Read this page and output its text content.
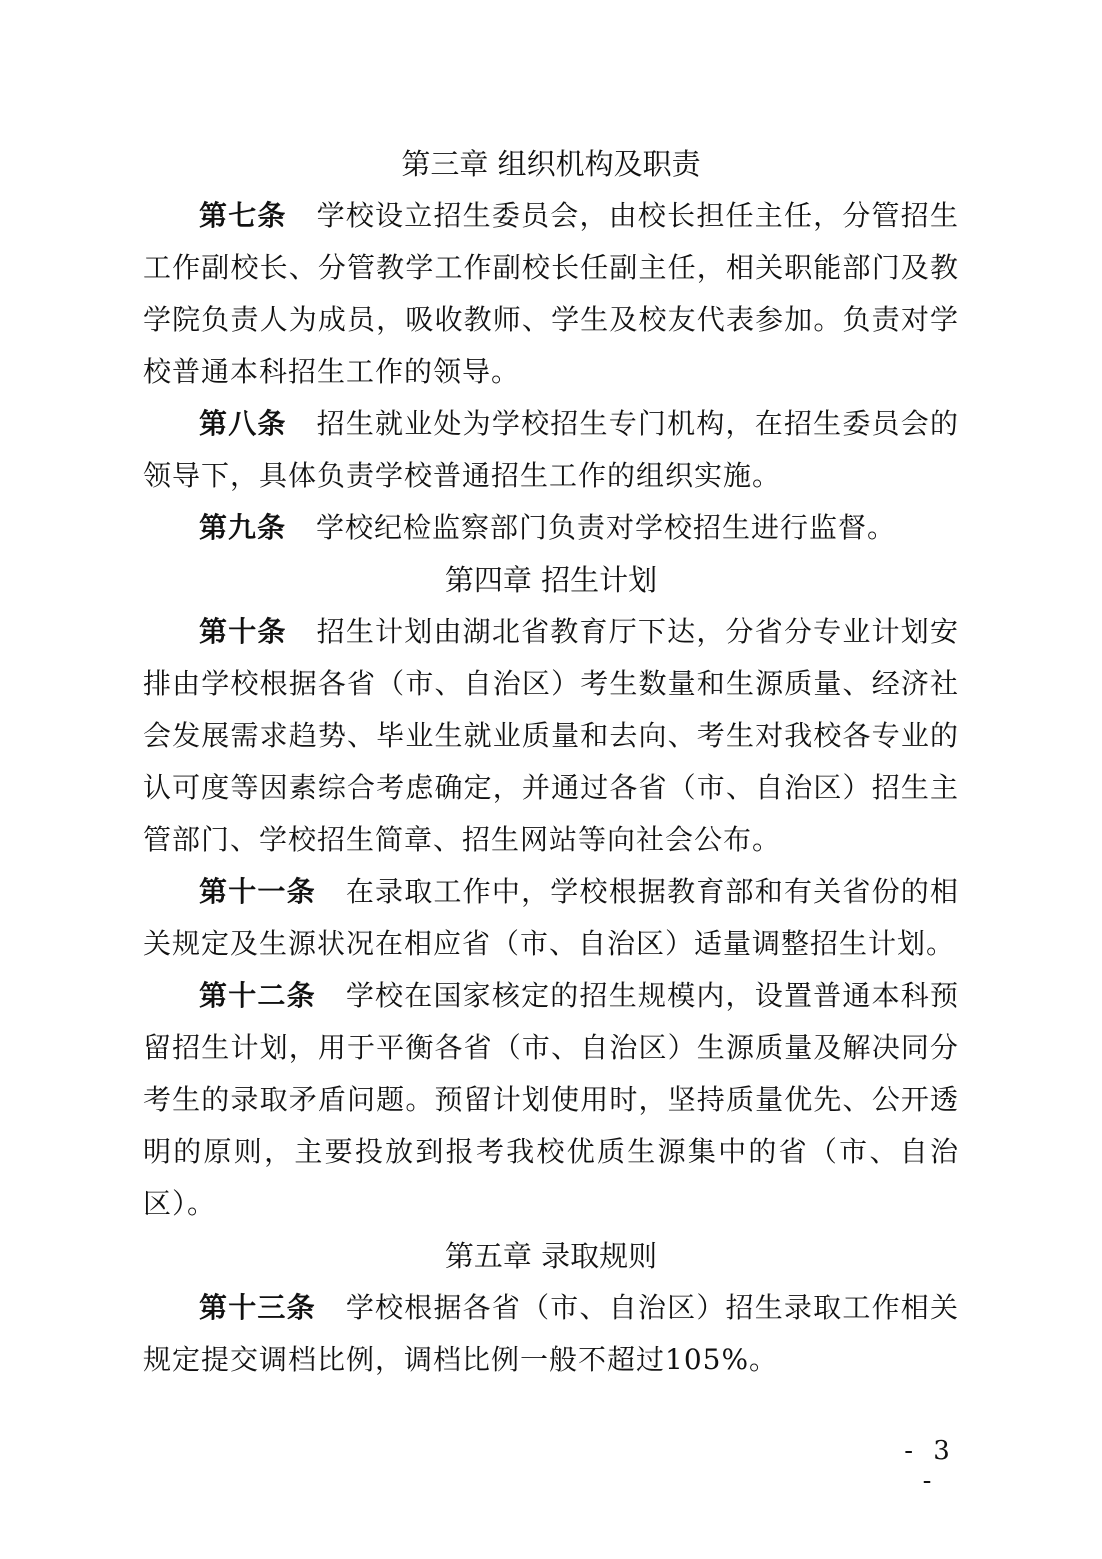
第三章 组织机构及职责

第七条 学校设立招生委员会，由校长担任主任，分管招生工作副校长、分管教学工作副校长任副主任，相关职能部门及教学院负责人为成员，吸收教师、学生及校友代表参加。负责对学校普通本科招生工作的领导。

第八条 招生就业处为学校招生专门机构，在招生委员会的领导下，具体负责学校普通招生工作的组织实施。

第九条 学校纪检监察部门负责对学校招生进行监督。

第四章 招生计划

第十条 招生计划由湖北省教育厅下达，分省分专业计划安排由学校根据各省（市、自治区）考生数量和生源质量、经济社会发展需求趋势、毕业生就业质量和去向、考生对我校各专业的认可度等因素综合考虑确定，并通过各省（市、自治区）招生主管部门、学校招生简章、招生网站等向社会公布。

第十一条 在录取工作中，学校根据教育部和有关省份的相关规定及生源状况在相应省（市、自治区）适量调整招生计划。

第十二条 学校在国家核定的招生规模内，设置普通本科预留招生计划，用于平衡各省（市、自治区）生源质量及解决同分考生的录取矛盾问题。预留计划使用时，坚持质量优先、公开透明的原则，主要投放到报考我校优质生源集中的省（市、自治区）。

第五章 录取规则

第十三条 学校根据各省（市、自治区）招生录取工作相关规定提交调档比例，调档比例一般不超过105%。

- 3 -
